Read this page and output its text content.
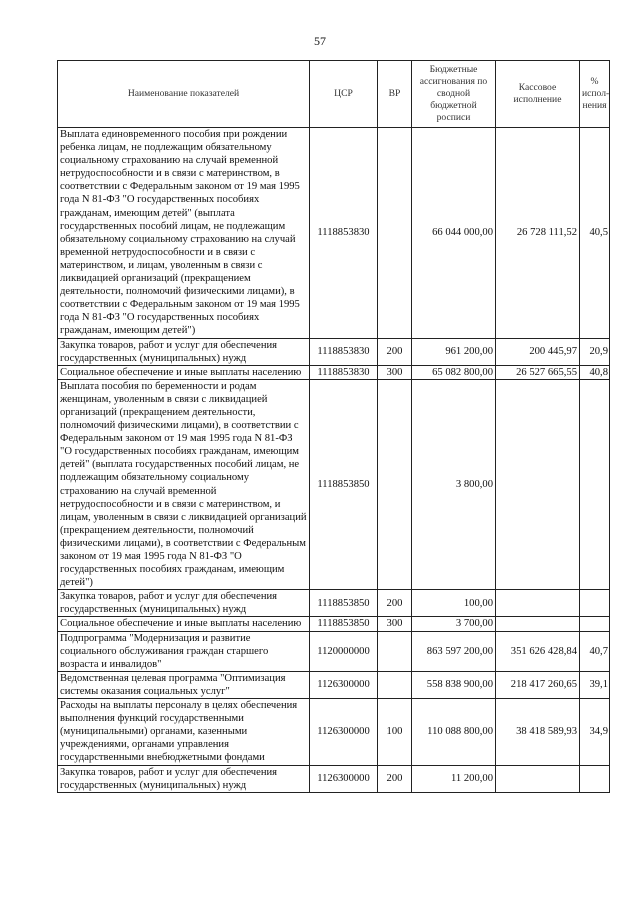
57
Наименование показателей	ЦСР	ВР	Бюджетные ассигнования по сводной бюджетной росписи	Кассовое исполнение	% испол-нения
Выплата единовременного пособия при рождении ребенка лицам, не подлежащим обязательному социальному страхованию на случай временной нетрудоспособности и в связи с материнством, в соответствии с Федеральным законом от 19 мая 1995 года N 81-ФЗ "О государственных пособиях гражданам, имеющим детей" (выплата государственных пособий лицам, не подлежащим обязательному социальному страхованию на случай временной нетрудоспособности и в связи с материнством, и лицам, уволенным в связи с ликвидацией организаций (прекращением деятельности, полномочий физическими лицами), в соответствии с Федеральным законом от 19 мая 1995 года N 81-ФЗ "О государственных пособиях гражданам, имеющим детей")	1118853830		66 044 000,00	26 728 111,52	40,5
Закупка товаров, работ и услуг для обеспечения государственных (муниципальных) нужд	1118853830	200	961 200,00	200 445,97	20,9
Социальное обеспечение и иные выплаты населению	1118853830	300	65 082 800,00	26 527 665,55	40,8
Выплата пособия по беременности и родам женщинам, уволенным в связи с ликвидацией организаций (прекращением деятельности, полномочий физическими лицами), в соответствии с Федеральным законом от 19 мая 1995 года N 81-ФЗ "О государственных пособиях гражданам, имеющим детей" (выплата государственных пособий лицам, не подлежащим обязательному социальному страхованию на случай временной нетрудоспособности и в связи с материнством, и лицам, уволенным в связи с ликвидацией организаций (прекращением деятельности, полномочий физическими лицами), в соответствии с Федеральным законом от 19 мая 1995 года N 81-ФЗ "О государственных пособиях гражданам, имеющим детей")	1118853850		3 800,00		
Закупка товаров, работ и услуг для обеспечения государственных (муниципальных) нужд	1118853850	200	100,00		
Социальное обеспечение и иные выплаты населению	1118853850	300	3 700,00		
Подпрограмма "Модернизация и развитие социального обслуживания граждан старшего возраста и инвалидов"	1120000000		863 597 200,00	351 626 428,84	40,7
Ведомственная целевая программа "Оптимизация системы оказания социальных услуг"	1126300000		558 838 900,00	218 417 260,65	39,1
Расходы на выплаты персоналу в целях обеспечения выполнения функций государственными (муниципальными) органами, казенными учреждениями, органами управления государственными внебюджетными фондами	1126300000	100	110 088 800,00	38 418 589,93	34,9
Закупка товаров, работ и услуг для обеспечения государственных (муниципальных) нужд	1126300000	200	11 200,00		
